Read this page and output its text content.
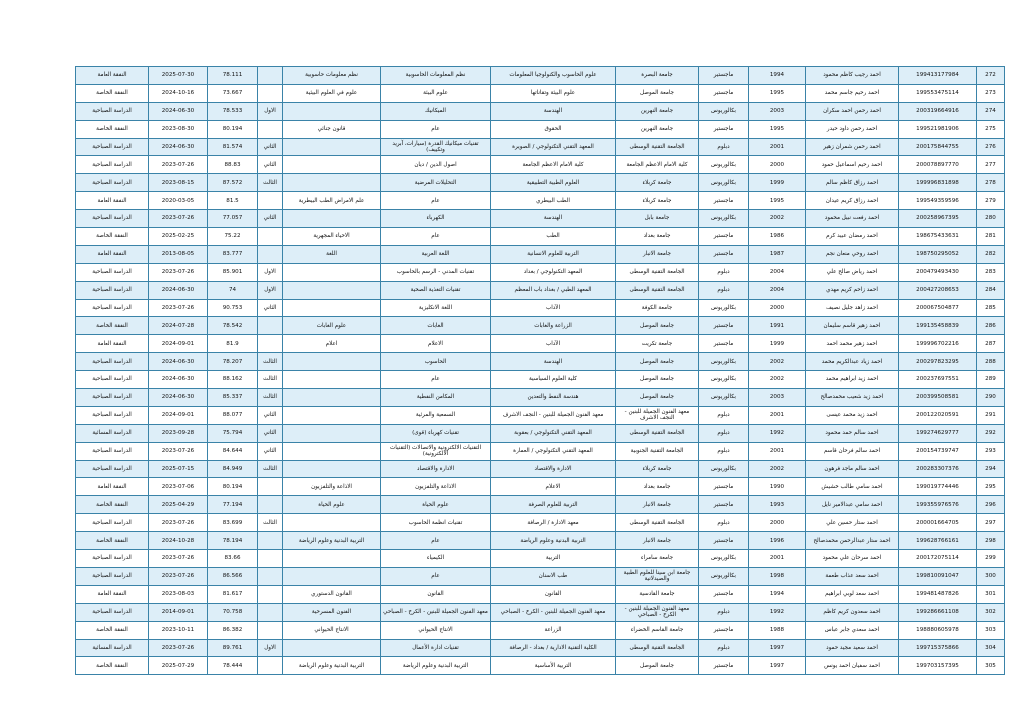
272	199413177984	احمد رجيب كاظم محمود	1994	ماجستير	جامعة البصرة	علوم الحاسوب والكنولوجيا المعلومات	نظم المعلومات الحاسوبية	نظم معلومات حاسوبية		78.111	2025-07-30	النفقة العامة
273	199553475114	احمد رحيم جاسم محمد	1995	ماجستير	جامعة الموصل	علوم البيئة وتقاناتها	علوم البيئة	علوم في العلوم البيئية		73.667	2024-10-16	النفقة الخاصة
274	200319664916	احمد رحمن احمد سكران	2003	بكالوريوس	جامعة النهرين	الهندسة	الميكانيك		الاول	78.533	2024-06-30	الدراسة الصباحية
275	199521981906	احمد رحمن داود حيدر	1995	ماجستير	جامعة النهرين	الحقوق	عام	قانون جنائي		80.194	2023-08-30	النفقة الخاصة
276	200175844755	احمد رحمن شمران زهير	2001	دبلوم	الجامعة التقنية الوسطى	المعهد التقني التكنولوجي / الصويرة	تقنيات ميكانيك القدرة (سيارات، آبريد وتكييف)		الثاني	81.574	2024-06-30	الدراسة الصباحية
277	200078897770	احمد رحيم اسماعيل حمود	2000	بكالوريوس	كلية الامام الاعظم الجامعة	كلية الامام الاعظم الجامعة	اصول الدين / ديان		الثاني	88.83	2023-07-26	الدراسة الصباحية
278	199996831898	احمد رزاق كاظم سالم	1999	بكالوريوس	جامعة كربلاء	العلوم الطبية التطبيقية	التحليلات المرضية		الثالث	87.572	2023-08-15	الدراسة الصباحية
279	199549359596	احمد رزاق كريم عيدان	1995	ماجستير	جامعة كربلاء	الطب البيطري	عام	علم الامراض الطب البيطرية		81.5	2020-03-05	النفقة العامة
280	200258967395	احمد رفعت نبيل محمود	2002	بكالوريوس	جامعة بابل	الهندسة	الكهرباء		الثاني	77.057	2023-07-26	الدراسة الصباحية
281	198675433631	احمد رمضان عبيد كرم	1986	ماجستير	جامعة بغداد	الطب	عام	الاحياء المجهرية		75.22	2025-02-25	النفقة الخاصة
282	198750295052	احمد روحي منعان نجم	1987	ماجستير	جامعة الانبار	التربية للعلوم الانسانية	اللغة العربية	اللغة		83.777	2013-08-05	النفقة العامة
283	200479493430	احمد رياض صالح علي	2004	دبلوم	الجامعة التقنية الوسطى	المعهد التكنولوجي / بغداد	تقنيات المدني - الرسم بالحاسوب		الاول	85.901	2023-07-26	الدراسة الصباحية
284	200427208653	احمد زاحم كريم مهدي	2004	دبلوم	الجامعة التقنية الوسطى	المعهد الطبي / بغداد باب المعظم	تقنيات التغذية الصحية		الاول	74	2024-06-30	الدراسة الصباحية
285	200067504877	احمد زاهد جليل نصيف	2000	بكالوريوس	جامعة الكوفة	الآداب	اللغة الانكليزية		الثاني	90.753	2023-07-26	الدراسة الصباحية
286	199135458839	احمد زهير قاسم سليمان	1991	ماجستير	جامعة الموصل	الزراعة والغابات	الغابات	علوم الغابات		78.542	2024-07-28	النفقة الخاصة
287	199996702216	احمد زهير محمد احمد	1999	ماجستير	جامعة تكريت	الآداب	الاعلام	اعلام		81.9	2024-09-01	النفقة العامة
288	200297823295	احمد زياد عبدالكريم محمد	2002	بكالوريوس	جامعة الموصل	الهندسة	الحاسوب		الثالث	78.207	2024-06-30	الدراسة الصباحية
289	200237697551	احمد زيد ابراهيم محمد	2002	بكالوريوس	جامعة الموصل	كلية العلوم السياسية	عام		الثالث	88.162	2024-06-30	الدراسة الصباحية
290	200399508581	احمد زيد شعيب محمدصالح	2003	بكالوريوس	جامعة الموصل	هندسة النفط والتعدين	المكامن النفطية		الثالث	85.337	2024-06-30	الدراسة الصباحية
291	200122020591	احمد زيد محمد عيسى	2001	دبلوم	معهد الفنون الجميلة للبنين - النجف الاشرف	معهد الفنون الجميلة للبنين - النجف الاشرف	السمعية والمرئية		الثاني	88.077	2024-09-01	الدراسة الصباحية
292	199274629777	احمد سالم حمد محمود	1992	دبلوم	الجامعة التقنية الوسطى	المعهد التقني التكنولوجي / بعقوبة	تقنيات كهرباء (قوى)		الثاني	75.794	2023-09-28	الدراسة المسائية
293	200154739747	احمد سالم فرحان قاسم	2001	دبلوم	الجامعة التقنية الجنوبية	المعهد التقني التكنولوجي / العمارة	التقنيات الالكترونية والاتصالات (التقنيات الالكترونية)		الثاني	84.644	2023-07-26	الدراسة الصباحية
294	200283307376	احمد سالم ماجد فرهون	2002	بكالوريوس	جامعة كربلاء	الادارة والاقتصاد	الادارة والاقتصاد		الثالث	84.949	2025-07-15	الدراسة الصباحية
295	199019774446	احمد سامي طالب خشيش	1990	ماجستير	جامعة بغداد	الاعلام	الاذاعة والتلفزيون	الاذاعة والتلفزيون		80.194	2023-07-06	النفقة العامة
296	199355976576	احمد سامي عبدالامير نايل	1993	ماجستير	جامعة الانبار	التربية للعلوم الصرفة	علوم الحياة	علوم الحياة		77.194	2025-04-29	النفقة الخاصة
297	200001664705	احمد ستار حسين علي	2000	دبلوم	الجامعة التقنية الوسطى	معهد الادارة / الرصافة	تقنيات انظمة الحاسوب		الثالث	83.699	2023-07-26	الدراسة الصباحية
298	199628766161	احمد ستار عبدالرحمن محمدصالح	1996	ماجستير	جامعة الانبار	التربية البدنية وعلوم الرياضة	عام	التربية البدنية وعلوم الرياضة		78.194	2024-10-28	النفقة الخاصة
299	200172075114	احمد سرحان علي محمود	2001	بكالوريوس	جامعة سامراء	التربية	الكيمياء			83.66	2023-07-26	الدراسة الصباحية
300	199810091047	احمد سعد عذاب طعمة	1998	بكالوريوس	جامعة ابن سينا للعلوم الطبية والصيدلانية	طب الاسنان	عام			86.566	2023-07-26	الدراسة الصباحية
301	199481487826	احمد سعد لوبي ابراهيم	1994	ماجستير	جامعة القادسية	القانون	القانون	القانون الدستوري		81.617	2023-08-03	النفقة العامة
302	199286661108	احمد سعدون كريم كاظم	1992	دبلوم	معهد الفنون الجميلة للبنين - الكرخ - الصباحي	معهد الفنون الجميلة للبنين - الكرخ - الصباحي	معهد الفنون الجميلة للبنين - الكرخ - الصباحي	الفنون المسرحية		70.758	2014-09-01	الدراسة الصباحية
303	198880605978	احمد سعدي جابر عباس	1988	ماجستير	جامعة القاسم الخضراء	الزراعة	الانتاج الحيواني	الانتاج الحيواني		86.382	2023-10-11	النفقة الخاصة
304	199715375866	احمد سعيد مجيد حمود	1997	دبلوم	الجامعة التقنية الوسطى	الكلية التقنية الادارية / بغداد - الرصافة	تقنيات ادارة الأعمال		الاول	89.761	2023-07-26	الدراسة المسائية
305	199703157395	احمد سفيان احمد يونس	1997	ماجستير	جامعة الموصل	التربية الأساسية	التربية البدنية وعلوم الرياضة	التربية البدنية وعلوم الرياضة		78.444	2025-07-29	النفقة الخاصة
